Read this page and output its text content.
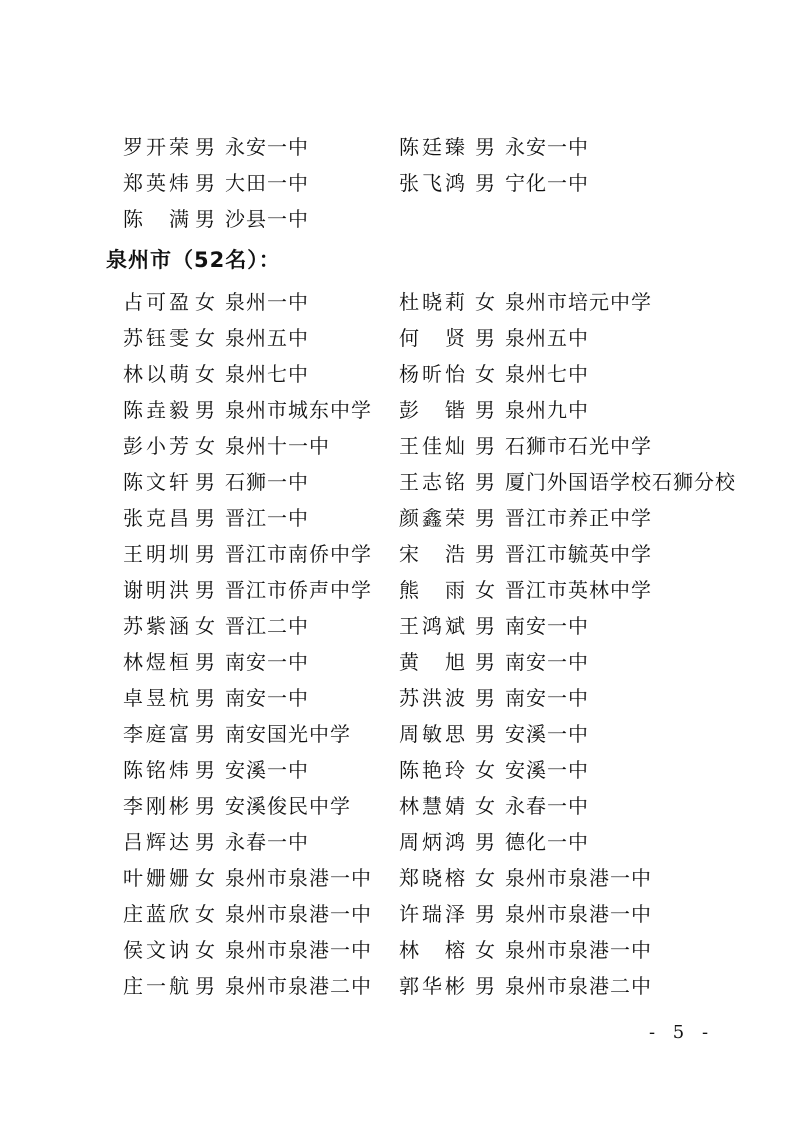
罗开荣 男 永安一中	陈廷臻 男 永安一中
郑英炜 男 大田一中	张飞鸿 男 宁化一中
陈　满 男 沙县一中
泉州市（52名）：
占可盈 女 泉州一中	杜晓莉 女 泉州市培元中学
苏钰雯 女 泉州五中	何　贤 男 泉州五中
林以萌 女 泉州七中	杨昕怡 女 泉州七中
陈垚毅 男 泉州市城东中学 彭　锴 男 泉州九中
彭小芳 女 泉州十一中	王佳灿 男 石狮市石光中学
陈文轩 男 石狮一中	王志铭 男 厦门外国语学校石狮分校
张克昌 男 晋江一中	颜鑫荣 男 晋江市养正中学
王明圳 男 晋江市南侨中学 宋　浩 男 晋江市毓英中学
谢明洪 男 晋江市侨声中学 熊　雨 女 晋江市英林中学
苏紫涵 女 晋江二中	王鸿斌 男 南安一中
林煜桓 男 南安一中	黄　旭 男 南安一中
卓昱杭 男 南安一中	苏洪波 男 南安一中
李庭富 男 南安国光中学 周敏思 男 安溪一中
陈铭炜 男 安溪一中	陈艳玲 女 安溪一中
李刚彬 男 安溪俊民中学 林慧婧 女 永春一中
吕辉达 男 永春一中	周炳鸿 男 德化一中
叶姗姗 女 泉州市泉港一中 郑晓榕 女 泉州市泉港一中
庄蓝欣 女 泉州市泉港一中 许瑞泽 男 泉州市泉港一中
侯文讷 女 泉州市泉港一中 林　榕 女 泉州市泉港一中
庄一航 男 泉州市泉港二中 郭华彬 男 泉州市泉港二中
- 5 -
